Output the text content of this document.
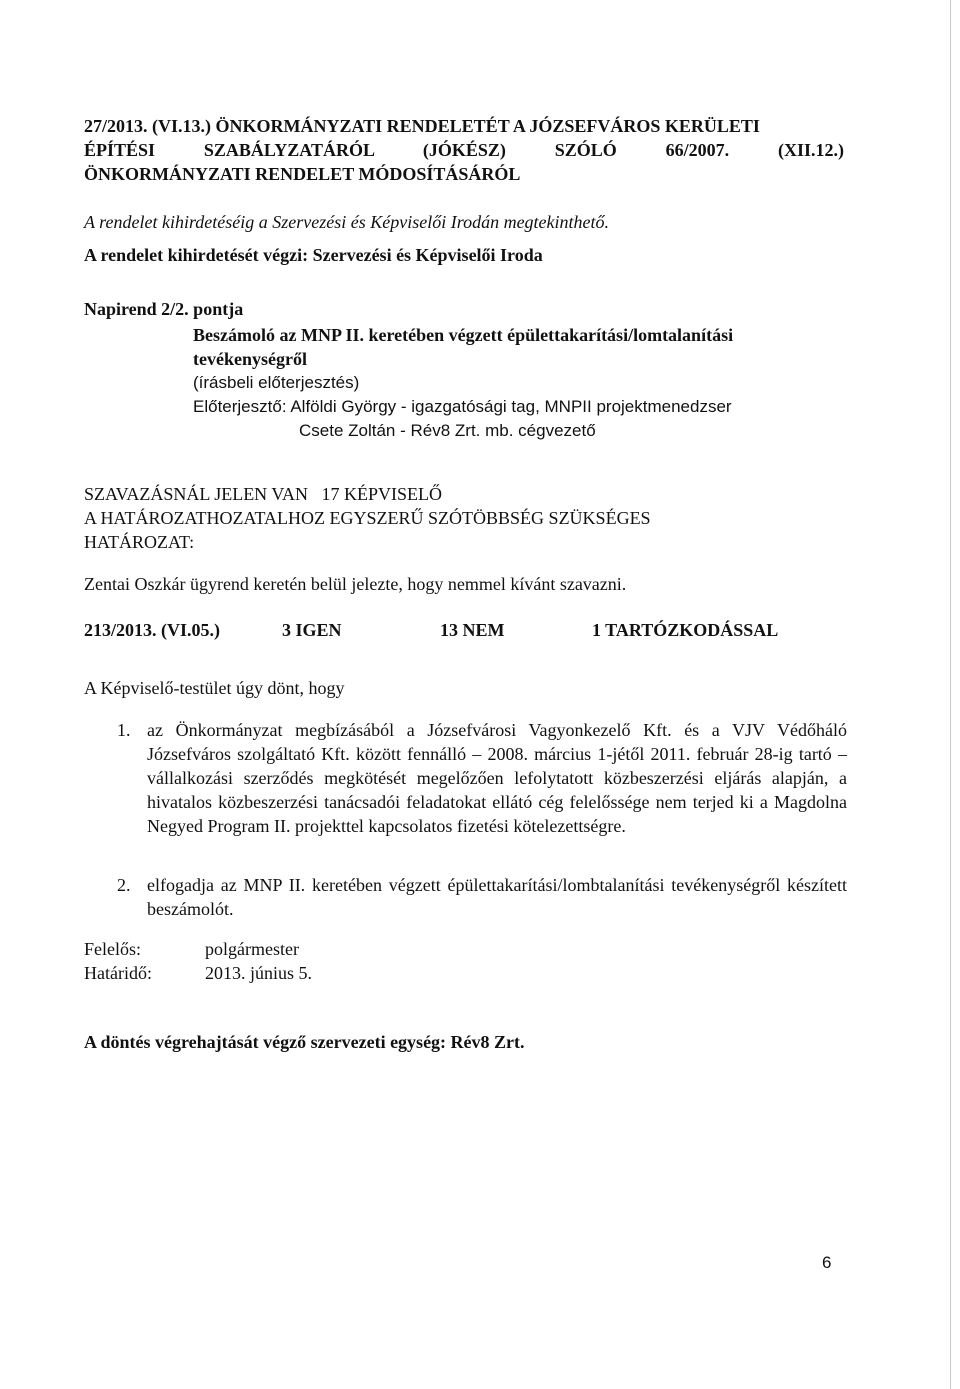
27/2013. (VI.13.) ÖNKORMÁNYZATI RENDELETÉT A JÓZSEFVÁROS KERÜLETI
ÉPÍTÉSI SZABÁLYZATÁRÓL (JÓKÉSZ) SZÓLÓ 66/2007. (XII.12.)
ÖNKORMÁNYZATI RENDELET MÓDOSÍTÁSÁRÓL
A rendelet kihirdetéséig a Szervezési és Képviselői Irodán megtekinthető.
A rendelet kihirdetését végzi: Szervezési és Képviselői Iroda
Napirend 2/2. pontja
Beszámoló az MNP II. keretében végzett épülettakarítási/lomtalanítási
tevékenységről
(írásbeli előterjesztés)
Előterjesztő: Alföldi György - igazgatósági tag, MNPII projektmenedzser
Csete Zoltán - Rév8 Zrt. mb. cégvezető
SZAVAZÁSNÁL JELEN VAN   17 KÉPVISELŐ
A HATÁROZATHOZATALHOZ EGYSZERŰ SZÓTÖBBSÉG SZÜKSÉGES
HATÁROZAT:
Zentai Oszkár ügyrend keretén belül jelezte, hogy nemmel kívánt szavazni.
213/2013. (VI.05.)	3 IGEN	13 NEM	1 TARTÓZKODÁSSAL
A Képviselő-testület úgy dönt, hogy
1. az Önkormányzat megbízásából a Józsefvárosi Vagyonkezelő Kft. és a VJV Védőháló Józsefváros szolgáltató Kft. között fennálló – 2008. március 1-jétől 2011. február 28-ig tartó – vállalkozási szerződés megkötését megelőzően lefolytatott közbeszerzési eljárás alapján, a hivatalos közbeszerzési tanácsadói feladatokat ellátó cég felelőssége nem terjed ki a Magdolna Negyed Program II. projekttel kapcsolatos fizetési kötelezettségre.
2. elfogadja az MNP II. keretében végzett épülettakarítási/lombtalanítási tevékenységről készített beszámolót.
Felelős:	polgármester
Határidő:	2013. június 5.
A döntés végrehajtását végző szervezeti egység: Rév8 Zrt.
6
